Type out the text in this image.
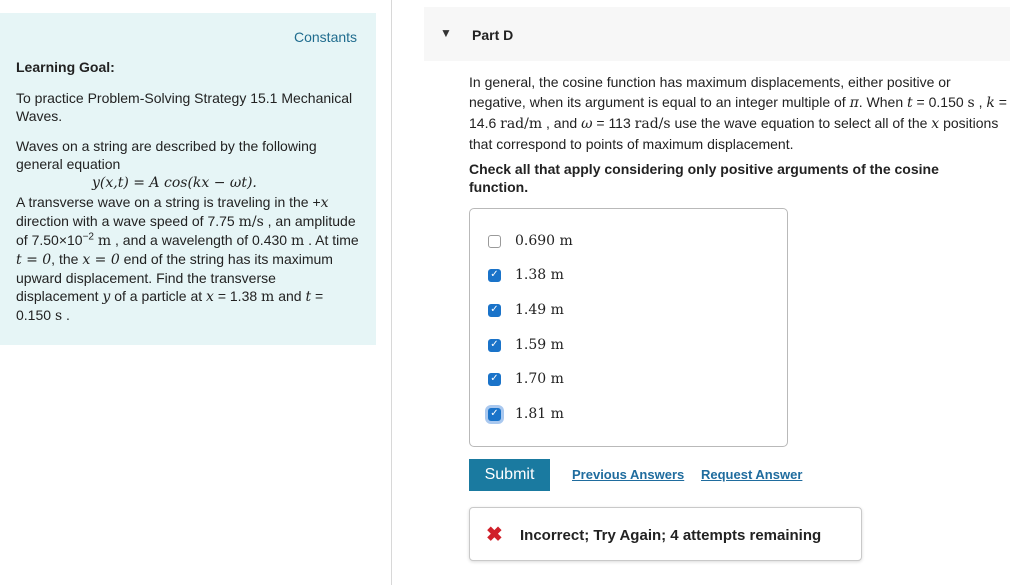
Constants
Learning Goal:
To practice Problem-Solving Strategy 15.1 Mechanical Waves.
Waves on a string are described by the following general equation
y(x,t) = A cos(kx − ωt).
A transverse wave on a string is traveling in the +x direction with a wave speed of 7.75 m/s , an amplitude of $7.50\times 10^{-2}$ m , and a wavelength of 0.430 m . At time t = 0, the x = 0 end of the string has its maximum upward displacement. Find the transverse displacement y of a particle at x = 1.38 m and t = 0.150 s .
▼ Part D
In general, the cosine function has maximum displacements, either positive or negative, when its argument is equal to an integer multiple of π. When t = 0.150 s , k = 14.6 rad/m , and ω = 113 rad/s use the wave equation to select all of the x positions that correspond to points of maximum displacement.
Check all that apply considering only positive arguments of the cosine function.
0.690 m
✓ 1.38 m
✓ 1.49 m
✓ 1.59 m
✓ 1.70 m
✓ 1.81 m
Submit	Previous Answers Request Answer
✖ Incorrect; Try Again; 4 attempts remaining
